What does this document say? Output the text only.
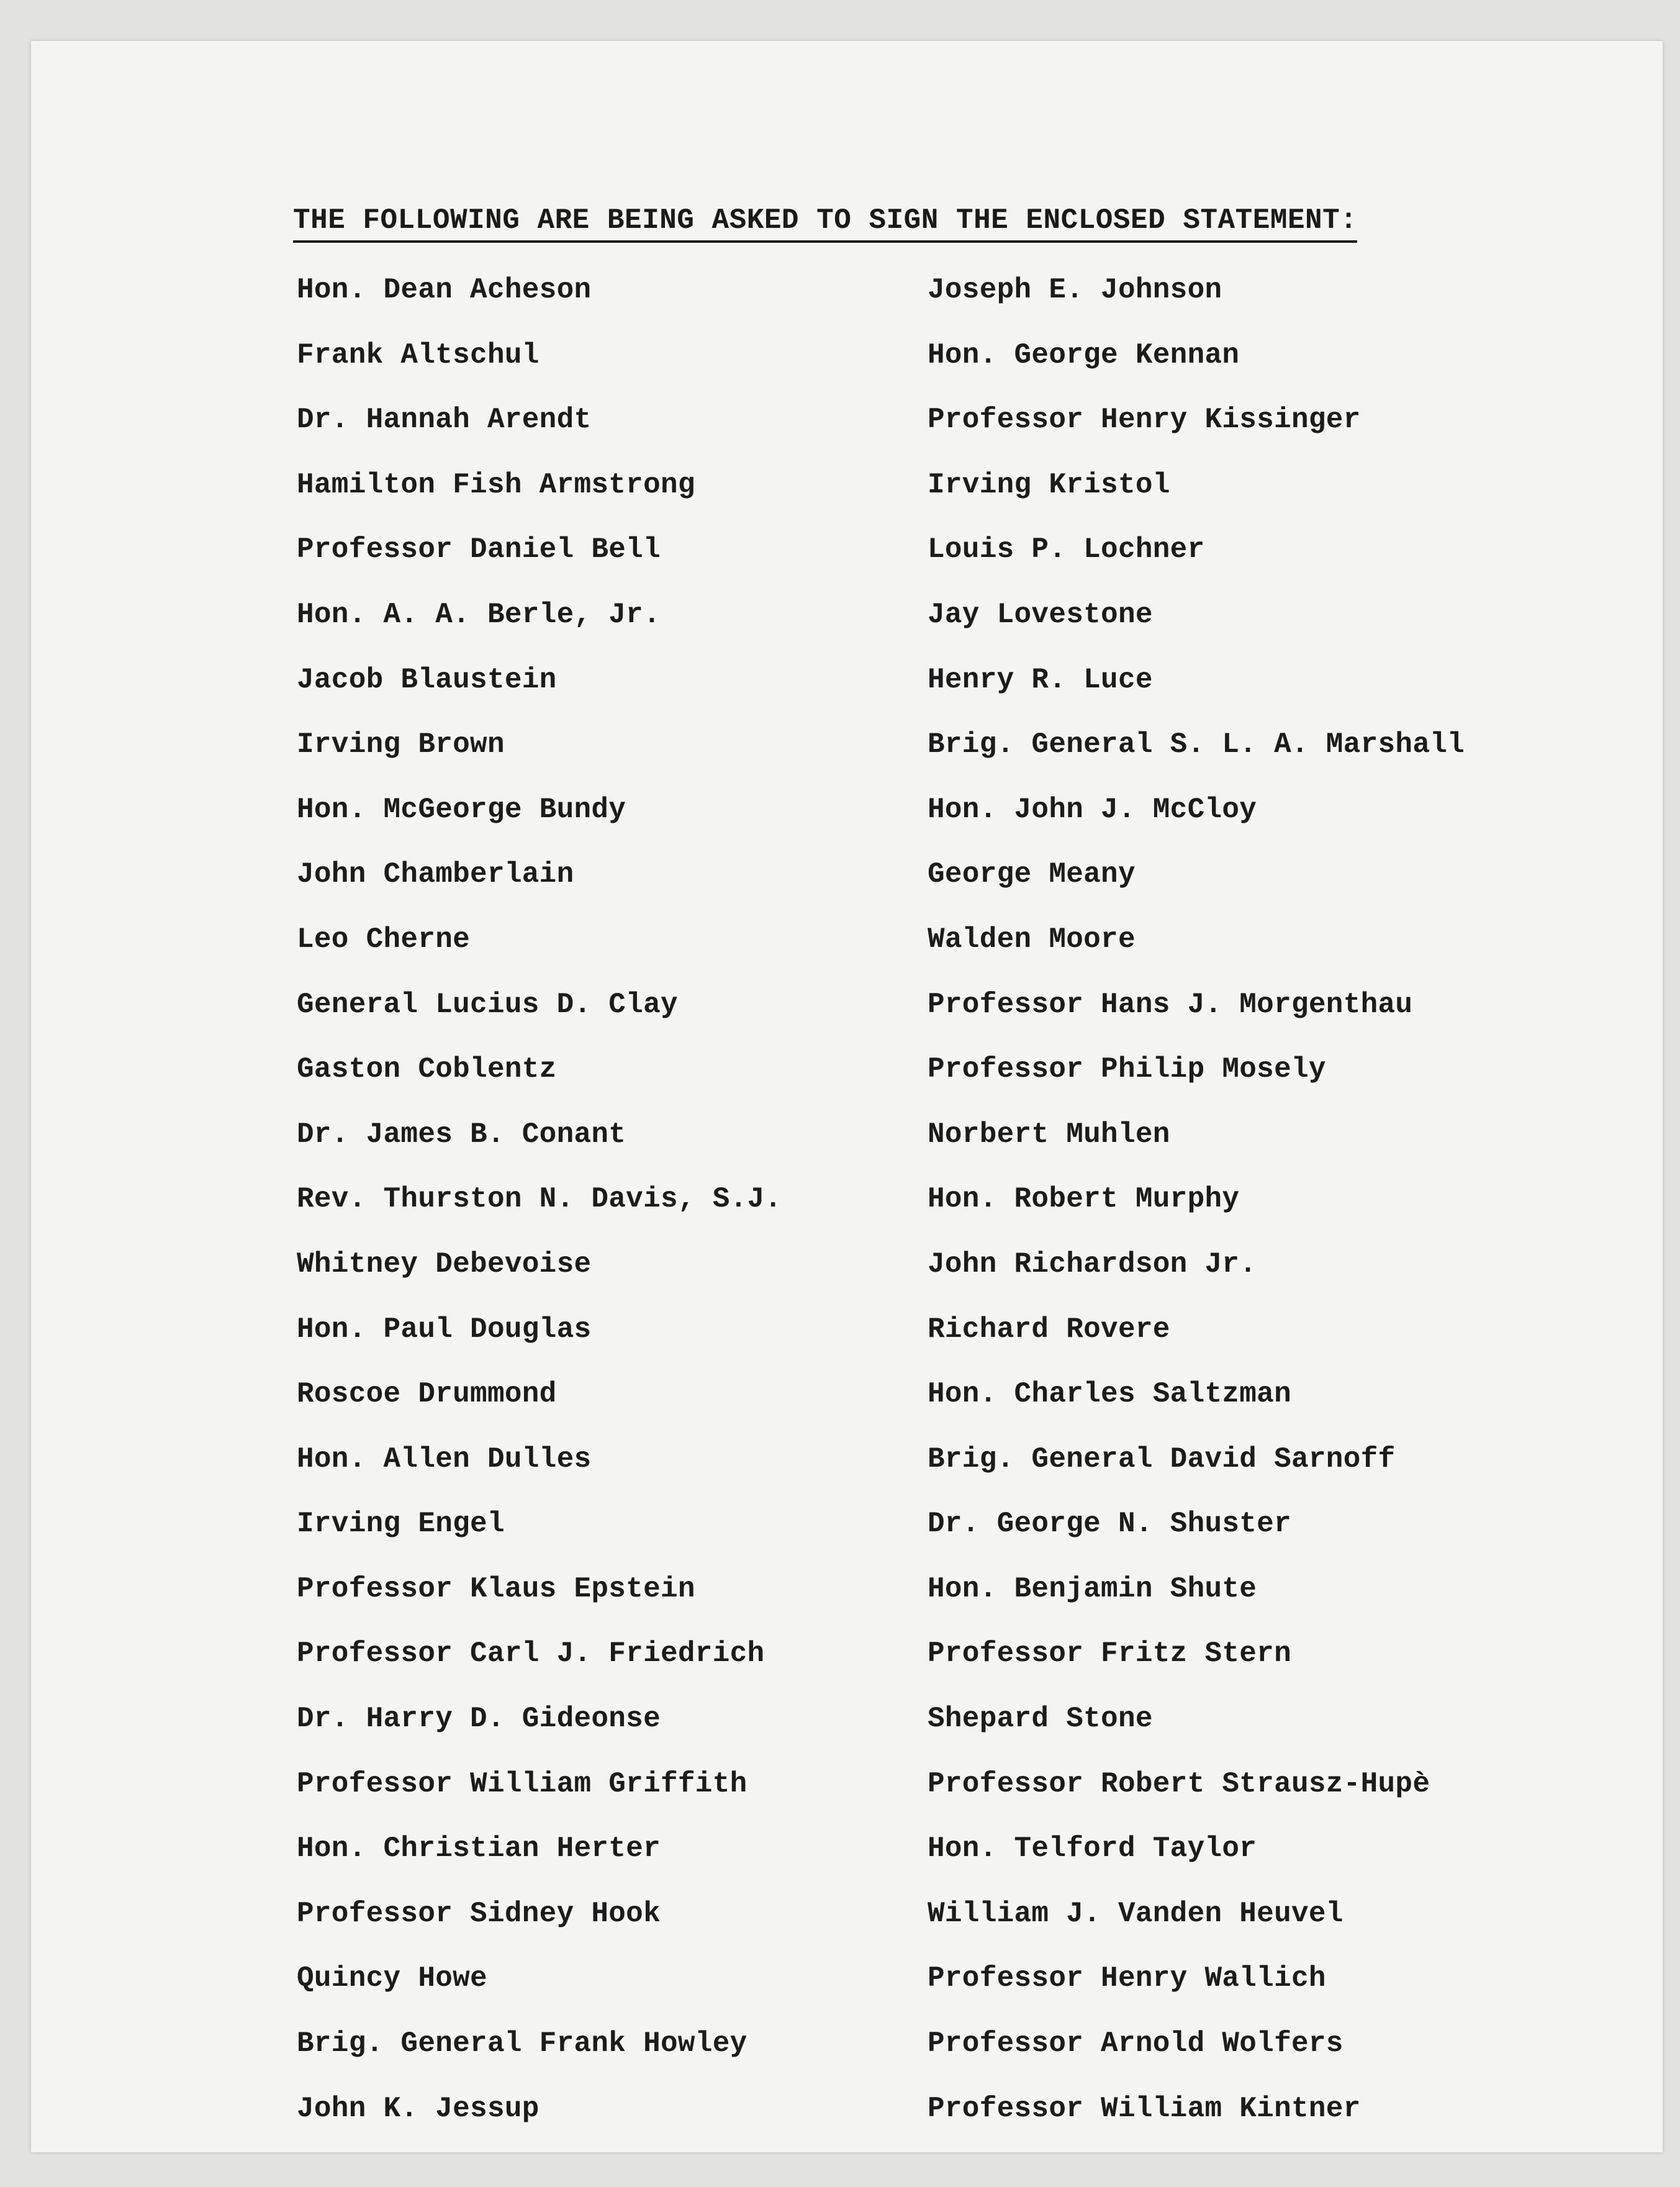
THE FOLLOWING ARE BEING ASKED TO SIGN THE ENCLOSED STATEMENT:
Hon. Dean Acheson
Frank Altschul
Dr. Hannah Arendt
Hamilton Fish Armstrong
Professor Daniel Bell
Hon. A. A. Berle, Jr.
Jacob Blaustein
Irving Brown
Hon. McGeorge Bundy
John Chamberlain
Leo Cherne
General Lucius D. Clay
Gaston Coblentz
Dr. James B. Conant
Rev. Thurston N. Davis, S.J.
Whitney Debevoise
Hon. Paul Douglas
Roscoe Drummond
Hon. Allen Dulles
Irving Engel
Professor Klaus Epstein
Professor Carl J. Friedrich
Dr. Harry D. Gideonse
Professor William Griffith
Hon. Christian Herter
Professor Sidney Hook
Quincy Howe
Brig. General Frank Howley
John K. Jessup
Joseph E. Johnson
Hon. George Kennan
Professor Henry Kissinger
Irving Kristol
Louis P. Lochner
Jay Lovestone
Henry R. Luce
Brig. General S. L. A. Marshall
Hon. John J. McCloy
George Meany
Walden Moore
Professor Hans J. Morgenthau
Professor Philip Mosely
Norbert Muhlen
Hon. Robert Murphy
John Richardson Jr.
Richard Rovere
Hon. Charles Saltzman
Brig. General David Sarnoff
Dr. George N. Shuster
Hon. Benjamin Shute
Professor Fritz Stern
Shepard Stone
Professor Robert Strausz-Hupè
Hon. Telford Taylor
William J. Vanden Heuvel
Professor Henry Wallich
Professor Arnold Wolfers
Professor William Kintner
